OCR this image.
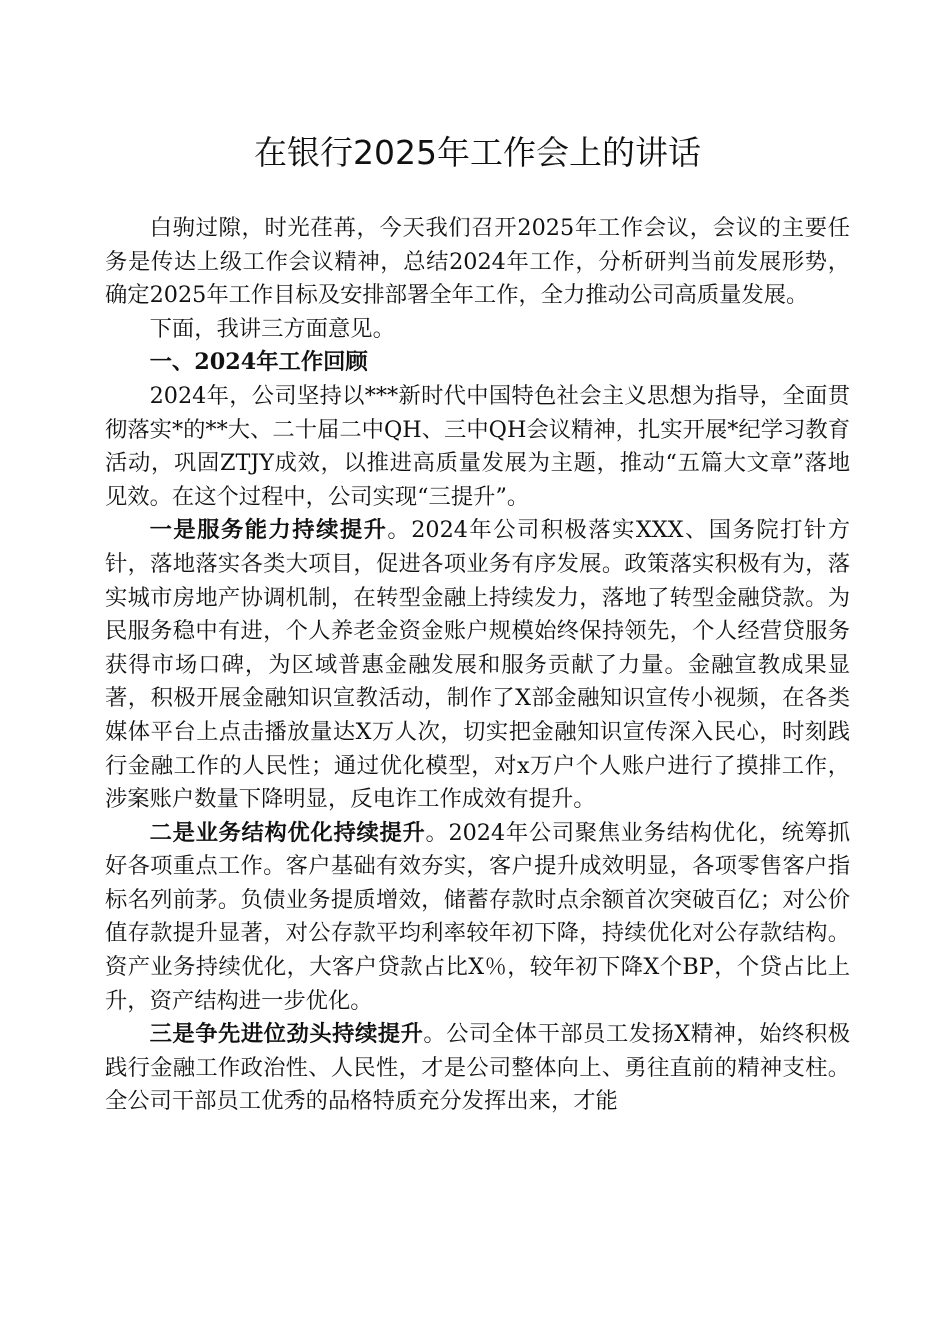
在银行2025年工作会上的讲话

白驹过隙，时光荏苒，今天我们召开2025年工作会议，会议的主要任务是传达上级工作会议精神，总结2024年工作，分析研判当前发展形势，确定2025年工作目标及安排部署全年工作，全力推动公司高质量发展。

下面，我讲三方面意见。

一、2024年工作回顾

2024年，公司坚持以***新时代中国特色社会主义思想为指导，全面贯彻落实*的**大、二十届二中QH、三中QH会议精神，扎实开展*纪学习教育活动，巩固ZTJY成效，以推进高质量发展为主题，推动“五篇大文章”落地见效。在这个过程中，公司实现“三提升”。

一是服务能力持续提升。2024年公司积极落实XXX、国务院打针方针，落地落实各类大项目，促进各项业务有序发展。政策落实积极有为，落实城市房地产协调机制，在转型金融上持续发力，落地了转型金融贷款。为民服务稳中有进，个人养老金资金账户规模始终保持领先，个人经营贷服务获得市场口碑，为区域普惠金融发展和服务贡献了力量。金融宣教成果显著，积极开展金融知识宣教活动，制作了X部金融知识宣传小视频，在各类媒体平台上点击播放量达X万人次，切实把金融知识宣传深入民心，时刻践行金融工作的人民性；通过优化模型，对x万户个人账户进行了摸排工作，涉案账户数量下降明显，反电诈工作成效有提升。

二是业务结构优化持续提升。2024年公司聚焦业务结构优化，统筹抓好各项重点工作。客户基础有效夯实，客户提升成效明显，各项零售客户指标名列前茅。负债业务提质增效，储蓄存款时点余额首次突破百亿；对公价值存款提升显著，对公存款平均利率较年初下降，持续优化对公存款结构。资产业务持续优化，大客户贷款占比X％，较年初下降X个BP，个贷占比上升，资产结构进一步优化。

三是争先进位劲头持续提升。公司全体干部员工发扬X精神，始终积极践行金融工作政治性、人民性，才是公司整体向上、勇往直前的精神支柱。全公司干部员工优秀的品格特质充分发挥出来，才能
